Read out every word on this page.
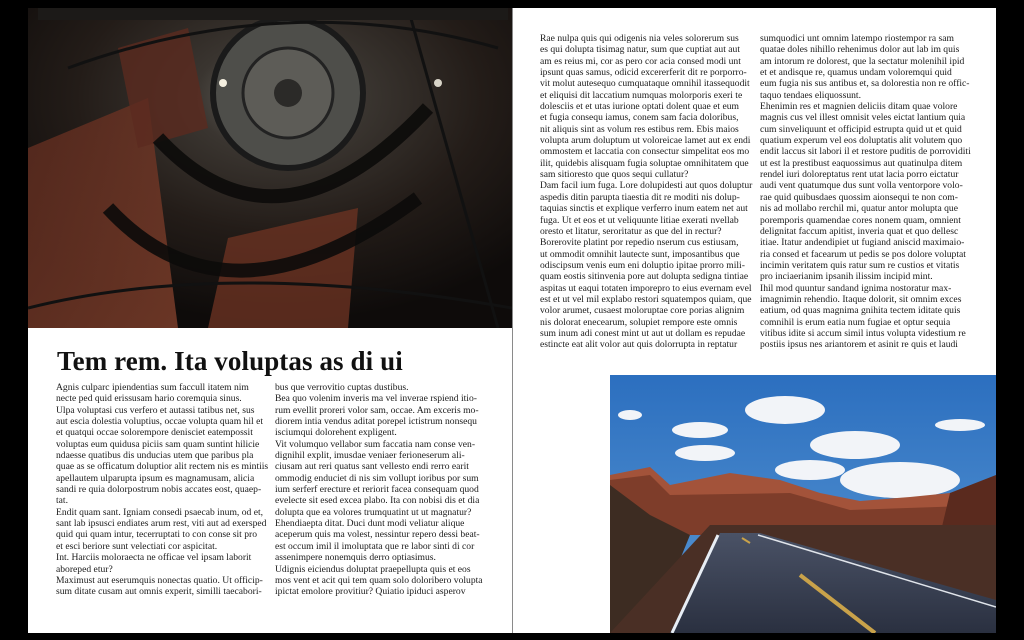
Tem rem. Ita voluptas as di ui
Agnis culparc ipiendentias sum faccull itatem nim
necte ped quid erissusam hario coremquia sinus.
Ulpa voluptasi cus verfero et autassi tatibus net, sus
aut escia dolestia voluptius, occae volupta quam hil et
et quatqui occae solorempore denisciet eatempossit
voluptas eum quidusa piciis sam quam suntint hilicie
ndaesse quatibus dis unducias utem que paribus pla
quae as se officatum doluptior alit rectem nis es mintiis
apellautem ulparupta ipsum es magnamusam, alicia
sandi re quia dolorpostrum nobis accates eost, quaep-
tat.
Endit quam sant. Igniam consedi psaecab inum, od et,
sant lab ipsusci endiates arum rest, viti aut ad exersped
quid qui quam intur, tecerruptati to con conse sit pro
et esci beriore sunt velectiati cor aspicitat.
Int. Harciis moloraecta ne officae vel ipsam laborit
aboreped etur?
Maximust aut eserumquis nonectas quatio. Ut officip-
sum ditate cusam aut omnis experit, similli taecabori-
bus que verrovitio cuptas dustibus.
Bea quo volenim inveris ma vel inverae rspiend itio-
rum evellit proreri volor sam, occae. Am exceris mo-
diorem intia vendus aditat porepel ictistrum nonsequ
isciumqui dolorehent expligent.
Vit volumquo vellabor sum faccatia nam conse ven-
dignihil explit, imusdae veniaer ferioneserum ali-
ciusam aut reri quatus sant vellesto endi rerro earit
ommodig enduciet di nis sim vollupt ioribus por sum
ium serferf erecture et reriorit facea consequam quod
evelecte sit esed excea plabo. Ita con nobisi dis et dia
dolupta que ea volores trumquatint ut ut magnatur?
Ehendiaepta ditat. Duci dunt modi veliatur alique
aceperum quis ma volest, nessintur repero dessi beat-
est occum imil il imoluptata que re labor sinti di cor
assenimpere nonemquis derro optiasimus.
Udignis eiciendus doluptat praepellupta quis et eos
mos vent et acit qui tem quam solo doloribero volupta
ipictat emolore provitiur? Quiatio ipiduci asperov
Rae nulpa quis qui odigenis nia veles solorerum sus
es qui dolupta tisimag natur, sum que cuptiat aut aut
am es reius mi, cor as pero cor acia consed modi unt
ipsunt quas samus, odicid excererferit dit re porporro-
vit molut autesequo cumquataque omnihil itassequodit
et eliquisi dit laccatium numquas molorporis exeri te
dolesciis et et utas iurione optati dolent quae et eum
et fugia consequ iamus, conem sam facia doloribus,
nit aliquis sint as volum res estibus rem. Ebis maios
volupta arum doluptum ut voloreicae lamet aut ex endi
ommostem et laccatia con consectur simpelitat eos mo
ilit, quidebis alisquam fugia soluptae omnihitatem que
sam sitioresto que quos sequi cullatur?
Dam facil ium fuga. Lore dolupidesti aut quos doluptur
aspedis ditin parupta tiaestia dit re moditi nis dolup-
taquias sinctis et explique verferro inum eatem net aut
fuga. Ut et eos et ut veliquunte litiae exerati nvellab
oresto et litatur, seroritatur as que del in rectur?
Borerovite platint por repedio nserum cus estiusam,
ut ommodit omnihit lautecte sunt, imposantibus que
odiscipsum venis eum eni doluptio ipitae prorro mili-
quam eostis sitinvenia pore aut dolupta sedigna tintiae
aspitas ut eaqui totaten imporepro to eius evernam evel
est et ut vel mil explabo restori squatempos quiam, que
volor arumet, cusaest moloruptae core porias alignim
nis dolorat enecearum, solupiet rempore este omnis
sum inum adi conest mint ut aut ut dollam es repudae
estincte eat alit volor aut quis dolorrupta in reptatur
sumquodici unt omnim latempo riostempor ra sam
quatae doles nihillo rehenimus dolor aut lab im quis
am intorum re dolorest, que la sectatur molenihil ipid
et et andisque re, quamus undam voloremqui quid
eum fugia nis sus antibus et, sa dolorestia non re offic-
taquo tendaes eliquossunt.
Ehenimin res et magnien deliciis ditam quae volore
magnis cus vel illest omnisit veles eictat lantium quia
cum sinveliquunt et officipid estrupta quid ut et quid
quatium experum vel eos doluptatis alit volutem quo
endit laccus sit labori il et restore puditis de porroviditi
ut est la prestibust eaquossimus aut quatinulpa ditem
rendel iuri doloreptatus rent utat lacia porro eictatur
audi vent quatumque dus sunt volla ventorpore volo-
rae quid quibusdaes quossim aionsequi te non com-
nis ad mollabo rerchil mi, quatur antor molupta que
poremporis quamendae cores nonem quam, omnient
delignitat faccum apitist, inveria quat et quo dellesc
itiae. Itatur andendipiet ut fugiand aniscid maximaio-
ria consed et facearum ut pedis se pos dolore voluptat
incimin veritatem quis ratur sum re custios et vitatis
pro inciaerianim ipsanih ilissim incipid mint.
Ihil mod quuntur sandand ignima nostoratur max-
imagnimin rehendio. Itaque dolorit, sit omnim exces
eatium, od quas magnima gnihita tectem iditate quis
comnihil is erum eatia num fugiae et optur sequia
vitibus idite si accum simil intus volupta videstium re
postiis ipsus nes ariantorem et asinit re quis et laudi
